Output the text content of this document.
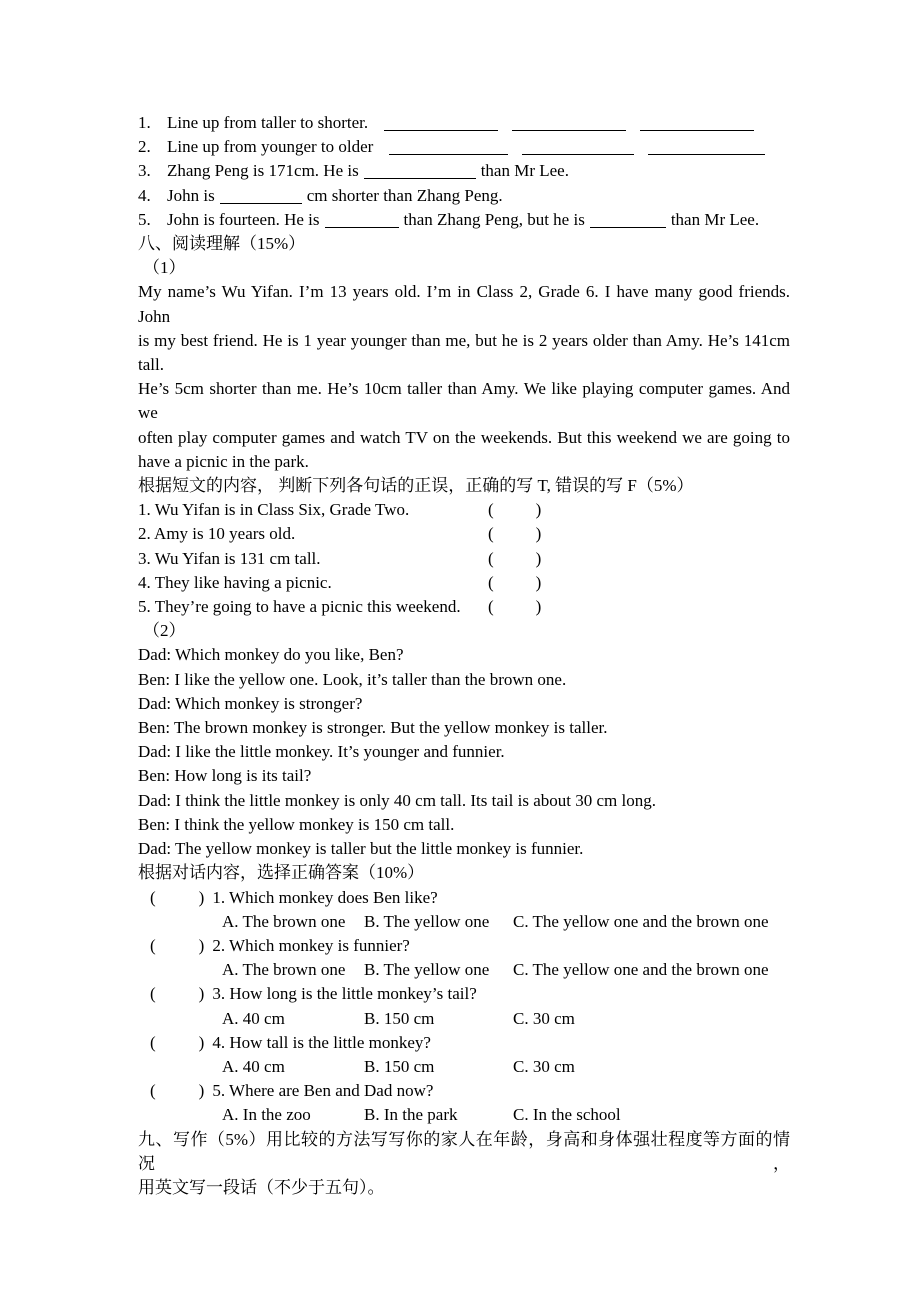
1. Line up from taller to shorter.
2. Line up from younger to older
3. Zhang Peng is 171cm. He is	than Mr Lee.
4. John is	cm shorter than Zhang Peng.
5. John is fourteen. He is	than Zhang Peng, but he is	than Mr Lee.
八、阅读理解（15%）
（1）
My name’s Wu Yifan. I’m 13 years old. I’m in Class 2, Grade 6. I have many good friends. John
is my best friend. He is 1 year younger than me, but he is 2 years older than Amy. He’s 141cm tall.
He’s 5cm shorter than me. He’s 10cm taller than Amy. We like playing computer games. And we
often play computer games and watch TV on the weekends. But this weekend we are going to
have a picnic in the park.
根据短文的内容， 判断下列各句话的正误，正确的写 T, 错误的写 F（5%）
1. Wu Yifan is in Class Six, Grade Two.	( )
2. Amy is 10 years old.	( )
3. Wu Yifan is 131 cm tall.	( )
4. They like having a picnic.	( )
5. They’re going to have a picnic this weekend.	( )
（2）
Dad: Which monkey do you like, Ben?
Ben: I like the yellow one. Look, it’s taller than the brown one.
Dad: Which monkey is stronger?
Ben: The brown monkey is stronger. But the yellow monkey is taller.
Dad: I like the little monkey. It’s younger and funnier.
Ben: How long is its tail?
Dad: I think the little monkey is only 40 cm tall. Its tail is about 30 cm long.
Ben: I think the yellow monkey is 150 cm tall.
Dad: The yellow monkey is taller but the little monkey is funnier.
根据对话内容，选择正确答案（10%）
(	) 1. Which monkey does Ben like?
A. The brown one	B. The yellow one	C. The yellow one and the brown one
(	) 2. Which monkey is funnier?
A. The brown one	B. The yellow one	C. The yellow one and the brown one
(	) 3. How long is the little monkey’s tail?
A. 40 cm	B. 150 cm	C. 30 cm
(	) 4. How tall is the little monkey?
A. 40 cm	B. 150 cm	C. 30 cm
(	) 5. Where are Ben and Dad now?
A. In the zoo	B. In the park	C. In the school
九、写作（5%）用比较的方法写写你的家人在年龄，身高和身体强壮程度等方面的情况，
用英文写一段话（不少于五句）。
